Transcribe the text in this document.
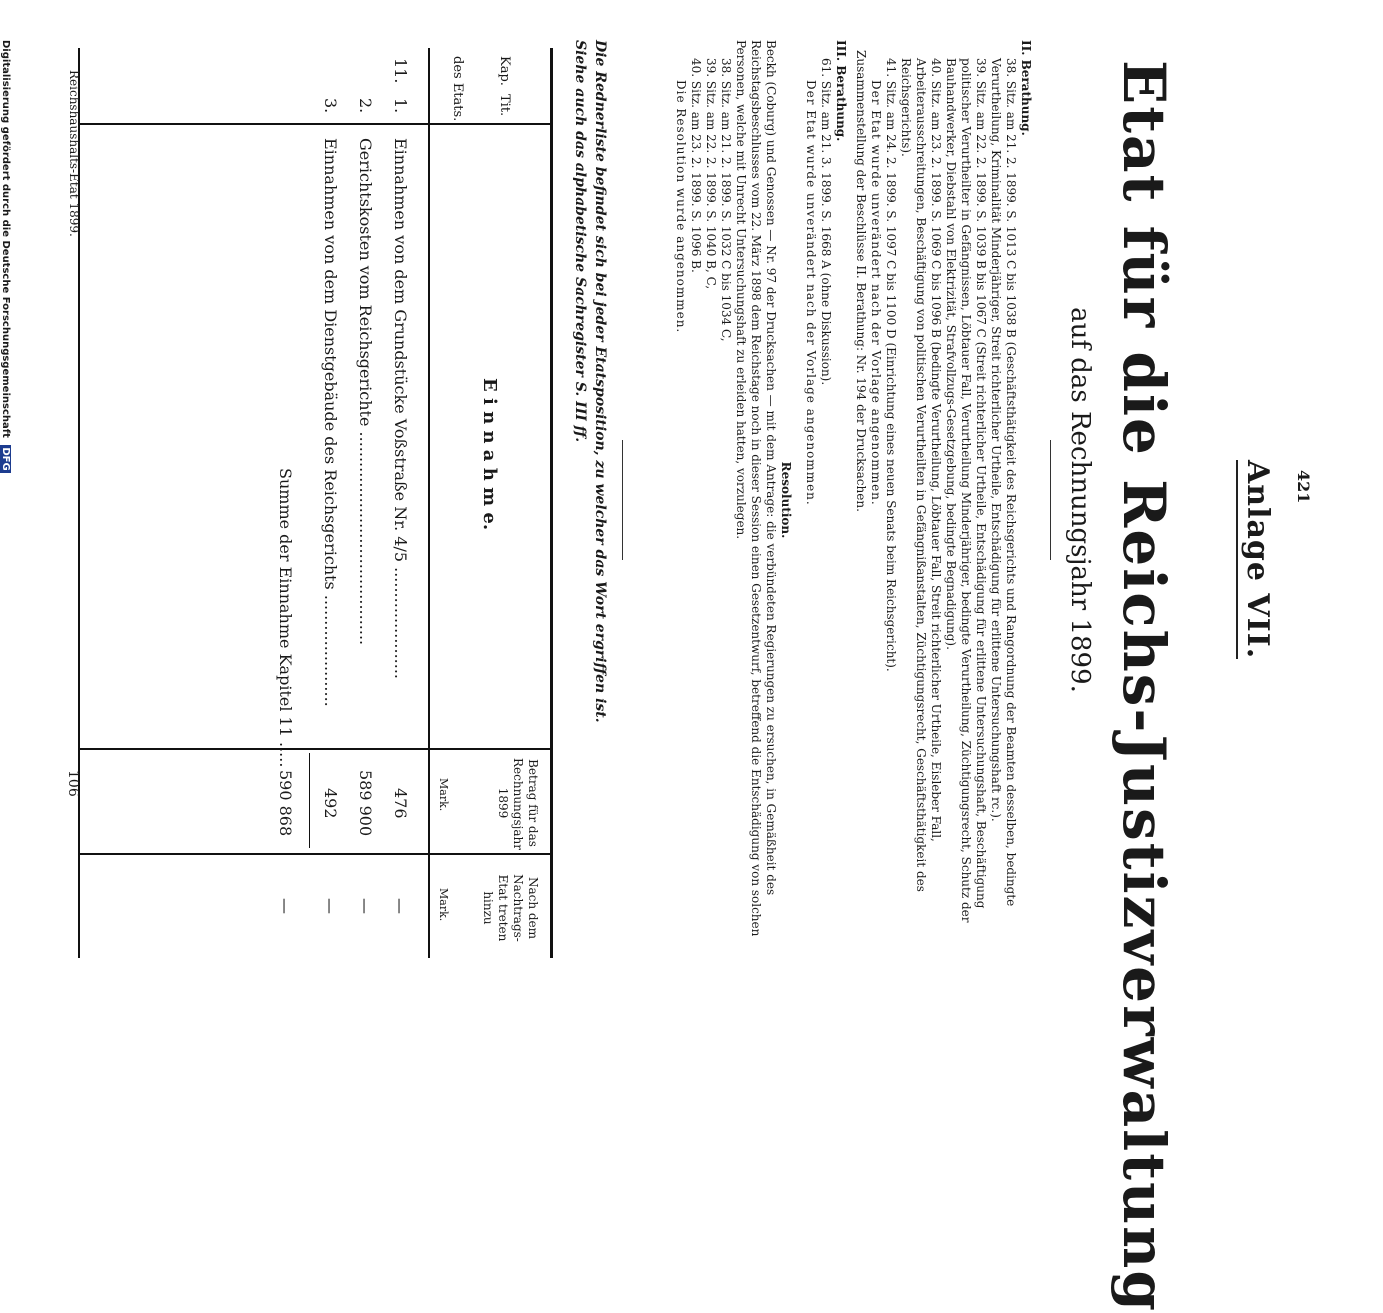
421
Anlage VII.
Etat für die Reichs-Justizverwaltung
auf das Rechnungsjahr 1899.
II. Berathung.
38. Sitz. am 21. 2. 1899. S. 1013 C bis 1038 B (Geschäftsthätigkeit des Reichsgerichts und Rangordnung der Beamten desselben, bedingte Verurtheilung, Kriminalität Minderjähriger, Streit richterlicher Urtheile, Entschädigung für erlittene Untersuchungshaft rc.).
39. Sitz. am 22. 2. 1899. S. 1039 B bis 1067 C (Streit richterlicher Urtheile, Entschädigung für erlittene Untersuchungshaft, Beschäftigung politischer Verurtheilter in Gefängnissen, Löbtauer Fall, Verurtheilung Minderjähriger, bedingte Verurtheilung, Züchtigungsrecht, Schutz der Bauhandwerker, Diebstahl von Elektrizität, Strafvollzugs-Gesetzgebung, bedingte Begnadigung).
40. Sitz. am 23. 2. 1899. S. 1069 C bis 1096 B (bedingte Verurtheilung, Löbtauer Fall, Streit richterlicher Urtheile, Eisleber Fall, Arbeiterausschreitungen, Beschäftigung von politischen Verurtheilten in Gefängnißanstalten, Züchtigungsrecht, Geschäftsthätigkeit des Reichsgerichts).
41. Sitz. am 24. 2. 1899. S. 1097 C bis 1100 D (Einrichtung eines neuen Senats beim Reichsgericht).
Der Etat wurde unverändert nach der Vorlage angenommen.
Zusammenstellung der Beschlüsse II. Berathung: Nr. 194 der Drucksachen.
III. Berathung.
61. Sitz. am 21. 3. 1899. S. 1668 A (ohne Diskussion).
Der Etat wurde unverändert nach der Vorlage angenommen.
Resolution.
Beckh (Coburg) und Genossen — Nr. 97 der Drucksachen — mit dem Antrage: die verbündeten Regierungen zu ersuchen, in Gemäßheit des Reichstagsbeschlusses vom 22. März 1898 dem Reichstage noch in dieser Session einen Gesetzentwurf, betreffend die Entschädigung von solchen Personen, welche mit Unrecht Untersuchungshaft zu erleiden hatten, vorzulegen.
38. Sitz. am 21. 2. 1899. S. 1032 C bis 1034 C,
39. Sitz. am 22. 2. 1899. S. 1040 B, C,
40. Sitz. am 23. 2. 1899. S. 1096 B.
Die Resolution wurde angenommen.
Die Rednerliste befindet sich bei jeder Etatsposition, zu welcher das Wort ergriffen ist.
Siehe auch das alphabetische Sachregister S. III ff.
Kap.
Tit.
des Etats.
E i n n a h m e.
Betrag für das Rechnungsjahr 1899
Mark.
Nach dem Nachtrags-Etat treten hinzu
Mark.
11.
1.
Einnahmen von dem Grundstücke Voßstraße Nr. 4/5 ......................
476
—
2.
Gerichtskosten vom Reichsgerichte ..........................................
589 900
—
3.
Einnahmen von dem Dienstgebäude des Reichsgerichts ......................
492
—
Summe der Einnahme Kapitel 11 .....
590 868
—
Reichshaushalts-Etat 1899.
106
Digitalisierung gefördert durch die Deutsche Forschungsgemeinschaft DFG
